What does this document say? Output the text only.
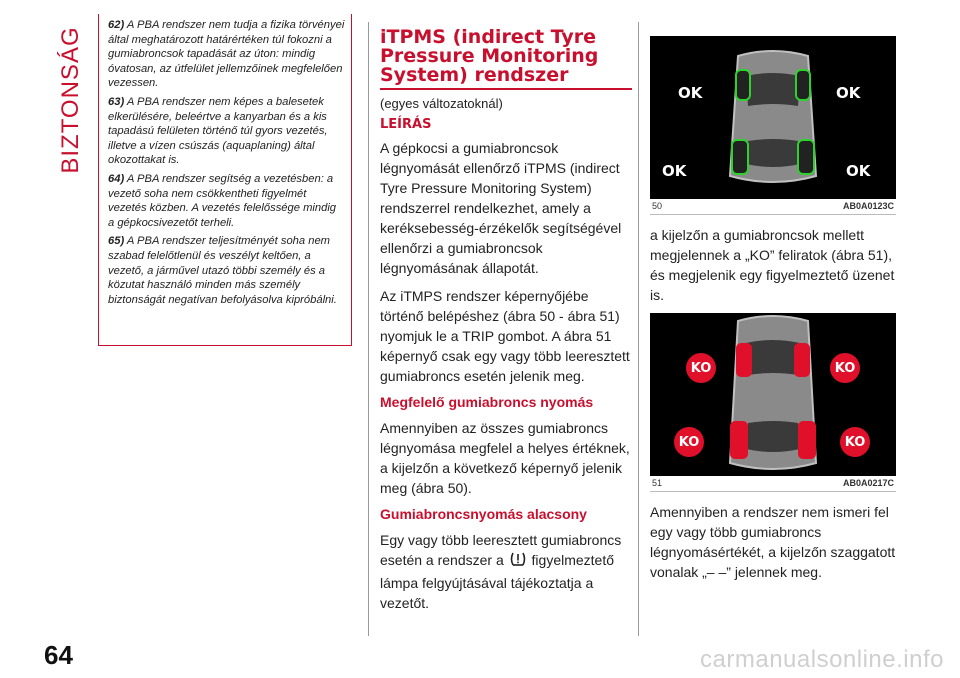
BIZTONSÁG

62) A PBA rendszer nem tudja a fizika törvényei által meghatározott határértéken túl fokozni a gumiabroncsok tapadását az úton: mindig óvatosan, az útfelület jellemzőinek megfelelően vezessen.

63) A PBA rendszer nem képes a balesetek elkerülésére, beleértve a kanyarban és a kis tapadású felületen történő túl gyors vezetés, illetve a vízen csúszás (aquaplaning) által okozottakat is.

64) A PBA rendszer segítség a vezetésben: a vezető soha nem csökkentheti figyelmét vezetés közben. A vezetés felelőssége mindig a gépkocsivezetőt terheli.

65) A PBA rendszer teljesítményét soha nem szabad felelőtlenül és veszélyt keltően, a vezető, a járművel utazó többi személy és a közutat használó minden más személy biztonságát negatívan befolyásolva kipróbálni.

iTPMS (indirect Tyre Pressure Monitoring System) rendszer
(egyes változatoknál)
LEÍRÁS

A gépkocsi a gumiabroncsok légnyomását ellenőrző iTPMS (indirect Tyre Pressure Monitoring System) rendszerrel rendelkezhet, amely a keréksebesség-érzékelők segítségével ellenőrzi a gumiabroncsok légnyomásának állapotát.

Az iTMPS rendszer képernyőjébe történő belépéshez (ábra 50 - ábra 51) nyomjuk le a TRIP gombot. A ábra 51 képernyő csak egy vagy több leeresztett gumiabroncs esetén jelenik meg.

Megfelelő gumiabroncs nyomás

Amennyiben az összes gumiabroncs légnyomása megfelel a helyes értéknek, a kijelzőn a következő képernyő jelenik meg (ábra 50).

Gumiabroncsnyomás alacsony

Egy vagy több leeresztett gumiabroncs esetén a rendszer a figyelmeztető lámpa felgyújtásával tájékoztatja a vezetőt.

OK	OK
OK	OK
50	AB0A0123C

a kijelzőn a gumiabroncsok mellett megjelennek a „KO” feliratok (ábra 51), és megjelenik egy figyelmeztető üzenet is.

KO	KO
KO	KO
51	AB0A0217C

Amennyiben a rendszer nem ismeri fel egy vagy több gumiabroncs légnyomásértékét, a kijelzőn szaggatott vonalak „– –” jelennek meg.

64	carmanualsonline.info
